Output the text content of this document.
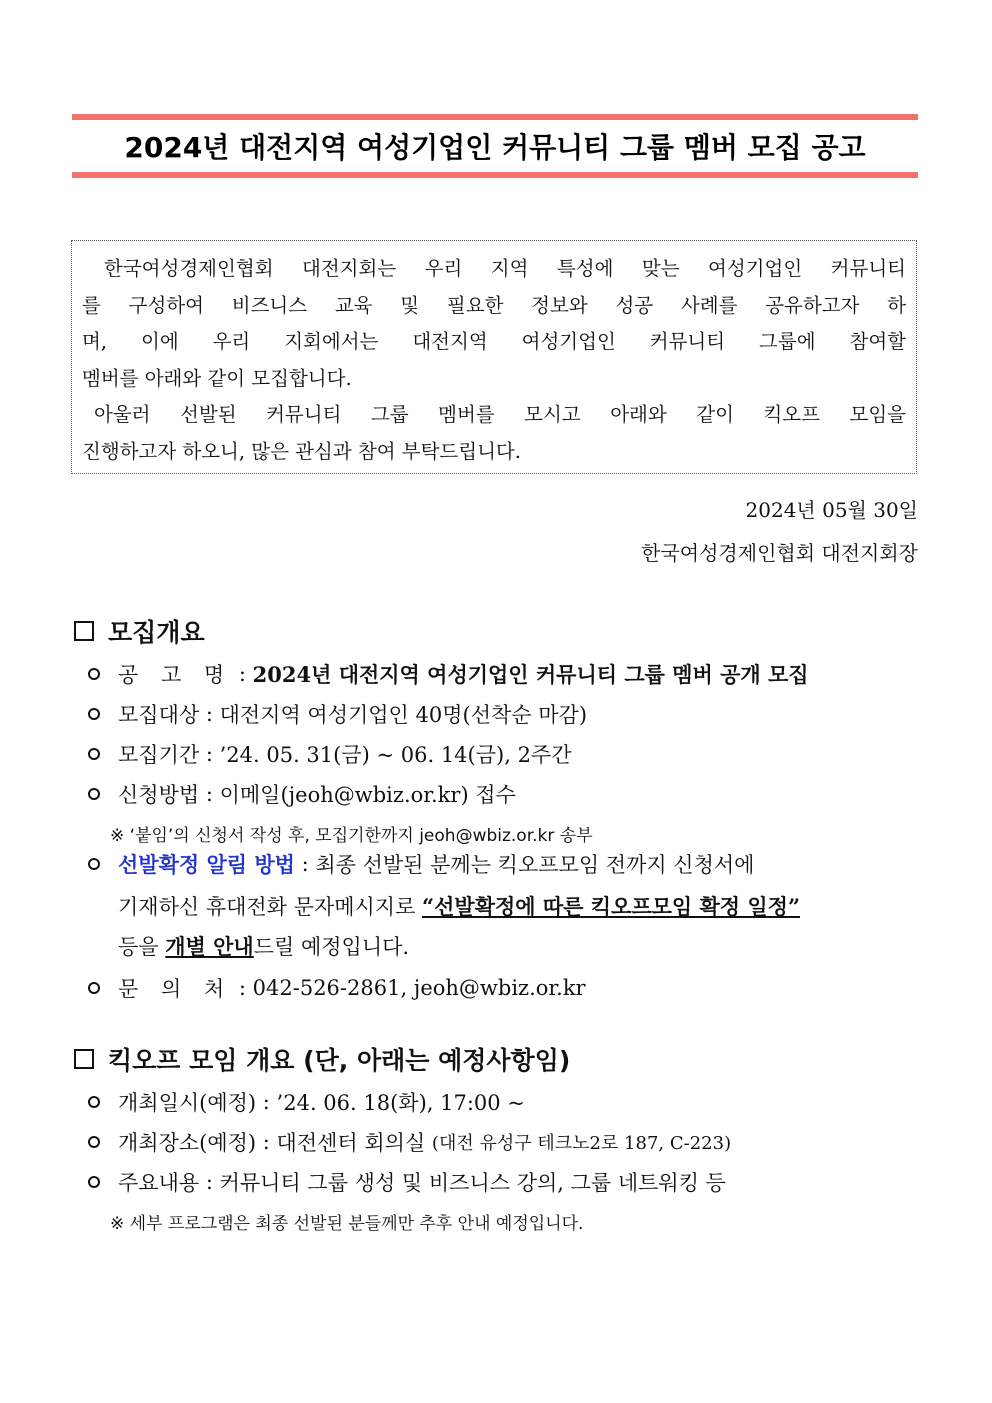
2024년 대전지역 여성기업인 커뮤니티 그룹 멤버 모집 공고

한국여성경제인협회 대전지회는 우리 지역 특성에 맞는 여성기업인 커뮤니티

를 구성하여 비즈니스 교육 및 필요한 정보와 성공 사례를 공유하고자 하

며, 이에 우리 지회에서는 대전지역 여성기업인 커뮤니티 그룹에 참여할

멤버를 아래와 같이 모집합니다.

아울러 선발된 커뮤니티 그룹 멤버를 모시고 아래와 같이 킥오프 모임을

진행하고자 하오니, 많은 관심과 참여 부탁드립니다.

2024년 05월 30일
한국여성경제인협회 대전지회장
모집개요
공 고 명 : 2024년 대전지역 여성기업인 커뮤니티 그룹 멤버 공개 모집
모집대상 : 대전지역 여성기업인 40명(선착순 마감)
모집기간 : ’24. 05. 31(금) ~ 06. 14(금), 2주간
신청방법 : 이메일(jeoh@wbiz.or.kr) 접수
※ ‘붙임’의 신청서 작성 후, 모집기한까지 jeoh@wbiz.or.kr 송부
선발확정 알림 방법 : 최종 선발된 분께는 킥오프모임 전까지 신청서에
기재하신 휴대전화 문자메시지로 “선발확정에 따른 킥오프모임 확정 일정”
등을 개별 안내드릴 예정입니다.
문 의 처 : 042-526-2861, jeoh@wbiz.or.kr
킥오프 모임 개요 (단, 아래는 예정사항임)
개최일시(예정) : ’24. 06. 18(화), 17:00 ~
개최장소(예정) : 대전센터 회의실
(대전 유성구 테크노2로 187, C-223)
주요내용 : 커뮤니티 그룹 생성 및 비즈니스 강의, 그룹 네트워킹 등
※ 세부 프로그램은 최종 선발된 분들께만 추후 안내 예정입니다.
